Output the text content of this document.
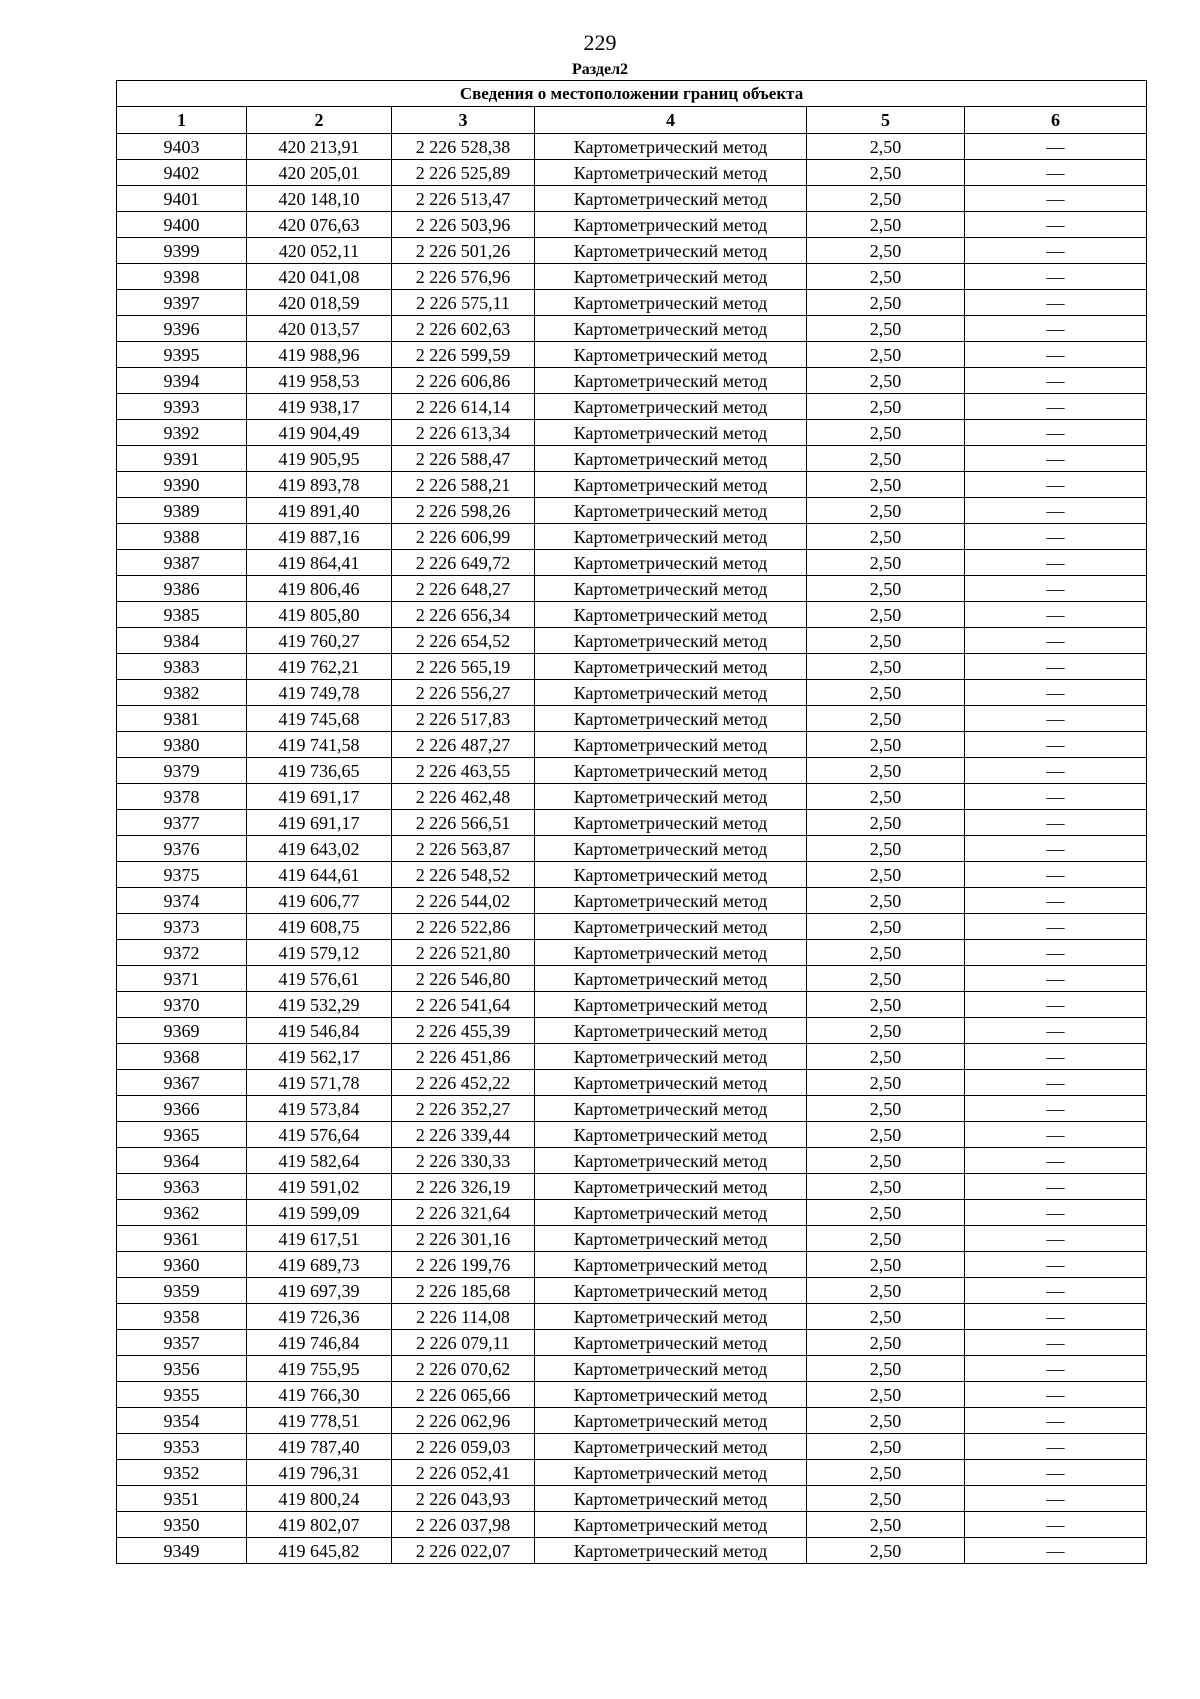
229
Раздел2
Сведения о местоположении границ объекта					
1	2	3	4	5	6
9403	420 213,91	2 226 528,38	Картометрический метод	2,50	—
9402	420 205,01	2 226 525,89	Картометрический метод	2,50	—
9401	420 148,10	2 226 513,47	Картометрический метод	2,50	—
9400	420 076,63	2 226 503,96	Картометрический метод	2,50	—
9399	420 052,11	2 226 501,26	Картометрический метод	2,50	—
9398	420 041,08	2 226 576,96	Картометрический метод	2,50	—
9397	420 018,59	2 226 575,11	Картометрический метод	2,50	—
9396	420 013,57	2 226 602,63	Картометрический метод	2,50	—
9395	419 988,96	2 226 599,59	Картометрический метод	2,50	—
9394	419 958,53	2 226 606,86	Картометрический метод	2,50	—
9393	419 938,17	2 226 614,14	Картометрический метод	2,50	—
9392	419 904,49	2 226 613,34	Картометрический метод	2,50	—
9391	419 905,95	2 226 588,47	Картометрический метод	2,50	—
9390	419 893,78	2 226 588,21	Картометрический метод	2,50	—
9389	419 891,40	2 226 598,26	Картометрический метод	2,50	—
9388	419 887,16	2 226 606,99	Картометрический метод	2,50	—
9387	419 864,41	2 226 649,72	Картометрический метод	2,50	—
9386	419 806,46	2 226 648,27	Картометрический метод	2,50	—
9385	419 805,80	2 226 656,34	Картометрический метод	2,50	—
9384	419 760,27	2 226 654,52	Картометрический метод	2,50	—
9383	419 762,21	2 226 565,19	Картометрический метод	2,50	—
9382	419 749,78	2 226 556,27	Картометрический метод	2,50	—
9381	419 745,68	2 226 517,83	Картометрический метод	2,50	—
9380	419 741,58	2 226 487,27	Картометрический метод	2,50	—
9379	419 736,65	2 226 463,55	Картометрический метод	2,50	—
9378	419 691,17	2 226 462,48	Картометрический метод	2,50	—
9377	419 691,17	2 226 566,51	Картометрический метод	2,50	—
9376	419 643,02	2 226 563,87	Картометрический метод	2,50	—
9375	419 644,61	2 226 548,52	Картометрический метод	2,50	—
9374	419 606,77	2 226 544,02	Картометрический метод	2,50	—
9373	419 608,75	2 226 522,86	Картометрический метод	2,50	—
9372	419 579,12	2 226 521,80	Картометрический метод	2,50	—
9371	419 576,61	2 226 546,80	Картометрический метод	2,50	—
9370	419 532,29	2 226 541,64	Картометрический метод	2,50	—
9369	419 546,84	2 226 455,39	Картометрический метод	2,50	—
9368	419 562,17	2 226 451,86	Картометрический метод	2,50	—
9367	419 571,78	2 226 452,22	Картометрический метод	2,50	—
9366	419 573,84	2 226 352,27	Картометрический метод	2,50	—
9365	419 576,64	2 226 339,44	Картометрический метод	2,50	—
9364	419 582,64	2 226 330,33	Картометрический метод	2,50	—
9363	419 591,02	2 226 326,19	Картометрический метод	2,50	—
9362	419 599,09	2 226 321,64	Картометрический метод	2,50	—
9361	419 617,51	2 226 301,16	Картометрический метод	2,50	—
9360	419 689,73	2 226 199,76	Картометрический метод	2,50	—
9359	419 697,39	2 226 185,68	Картометрический метод	2,50	—
9358	419 726,36	2 226 114,08	Картометрический метод	2,50	—
9357	419 746,84	2 226 079,11	Картометрический метод	2,50	—
9356	419 755,95	2 226 070,62	Картометрический метод	2,50	—
9355	419 766,30	2 226 065,66	Картометрический метод	2,50	—
9354	419 778,51	2 226 062,96	Картометрический метод	2,50	—
9353	419 787,40	2 226 059,03	Картометрический метод	2,50	—
9352	419 796,31	2 226 052,41	Картометрический метод	2,50	—
9351	419 800,24	2 226 043,93	Картометрический метод	2,50	—
9350	419 802,07	2 226 037,98	Картометрический метод	2,50	—
9349	419 645,82	2 226 022,07	Картометрический метод	2,50	—
